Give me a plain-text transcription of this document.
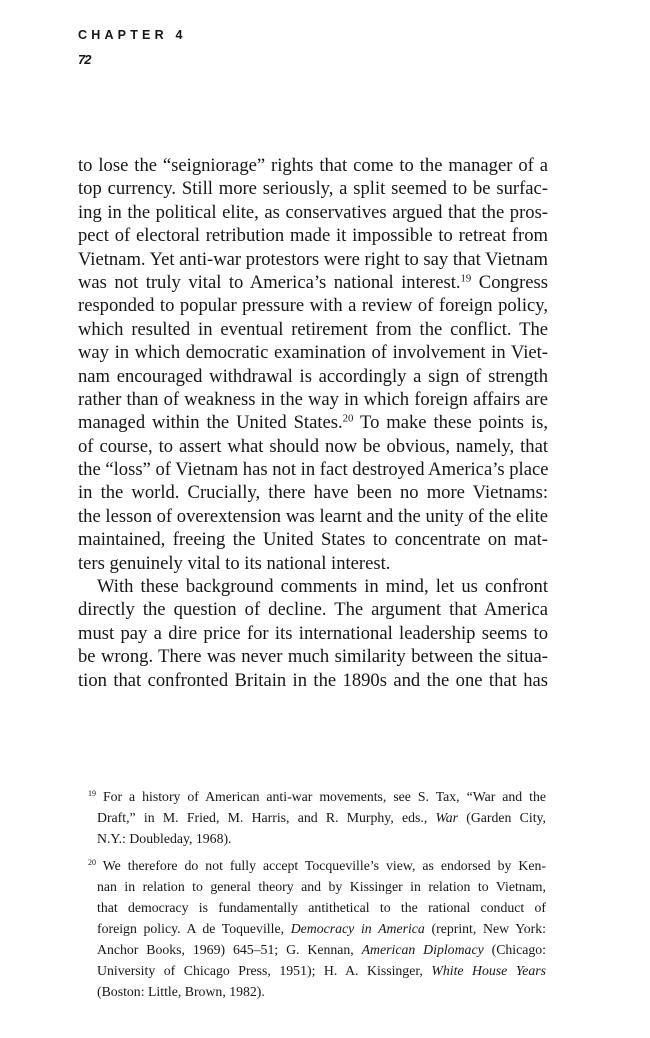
CHAPTER 4
72
to lose the “seigniorage” rights that come to the manager of a
top currency. Still more seriously, a split seemed to be surfac-
ing in the political elite, as conservatives argued that the pros-
pect of electoral retribution made it impossible to retreat from
Vietnam. Yet anti-war protestors were right to say that Vietnam
was not truly vital to America’s national interest.$^{19}$ Congress
responded to popular pressure with a review of foreign policy,
which resulted in eventual retirement from the conflict. The
way in which democratic examination of involvement in Viet-
nam encouraged withdrawal is accordingly a sign of strength
rather than of weakness in the way in which foreign affairs are
managed within the United States.$^{20}$ To make these points is,
of course, to assert what should now be obvious, namely, that
the “loss” of Vietnam has not in fact destroyed America’s place
in the world. Crucially, there have been no more Vietnams:
the lesson of overextension was learnt and the unity of the elite
maintained, freeing the United States to concentrate on mat-
ters genuinely vital to its national interest.
With these background comments in mind, let us confront
directly the question of decline. The argument that America
must pay a dire price for its international leadership seems to
be wrong. There was never much similarity between the situa-
tion that confronted Britain in the 1890s and the one that has
$^{19}$ For a history of American anti-war movements, see S. Tax, “War and the
Draft,” in M. Fried, M. Harris, and R. Murphy, eds., War (Garden City,
N.Y.: Doubleday, 1968).
$^{20}$ We therefore do not fully accept Tocqueville’s view, as endorsed by Ken-
nan in relation to general theory and by Kissinger in relation to Vietnam,
that democracy is fundamentally antithetical to the rational conduct of
foreign policy. A de Toqueville, Democracy in America (reprint, New York:
Anchor Books, 1969) 645–51; G. Kennan, American Diplomacy (Chicago:
University of Chicago Press, 1951); H. A. Kissinger, White House Years
(Boston: Little, Brown, 1982).
